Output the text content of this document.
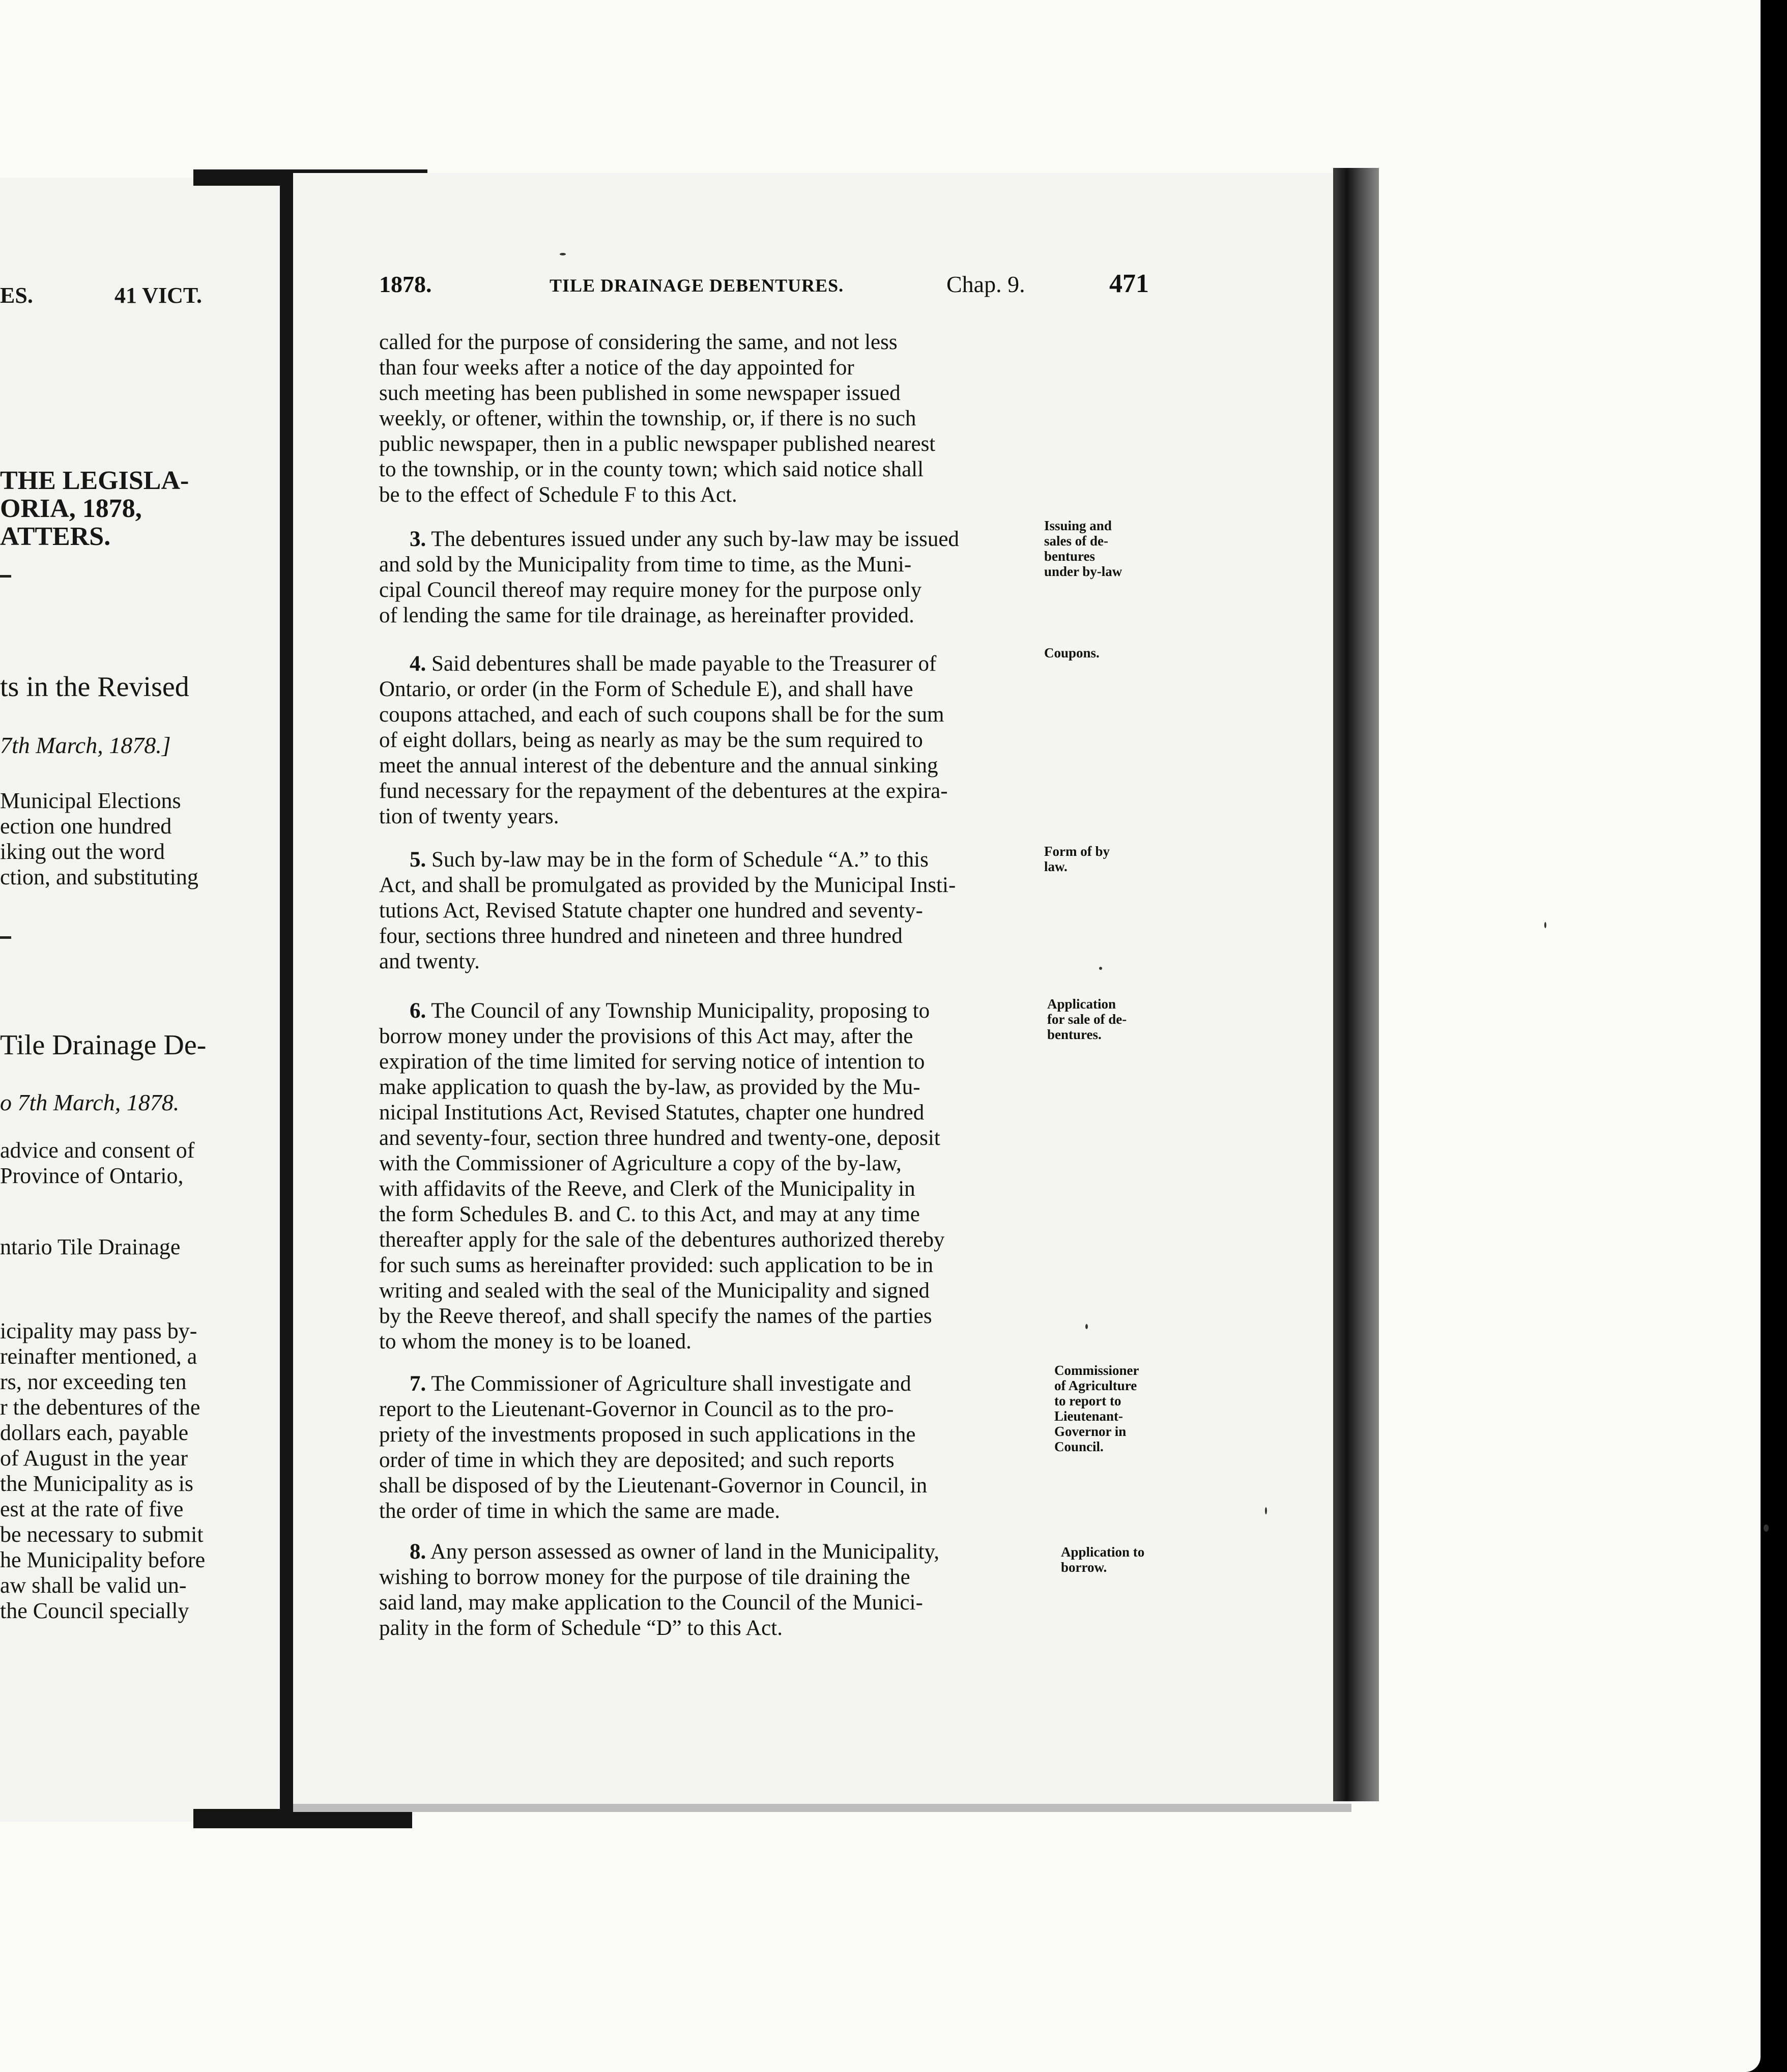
ES.	41 VICT.
THE LEGISLA-
ORIA, 1878,
ATTERS.
ts in the Revised
7th March, 1878.]
Municipal Elections
ection one hundred
iking out the word
ction, and substituting
Tile Drainage De-
o 7th March, 1878.
advice and consent of
Province of Ontario,
ntario Tile Drainage
icipality may pass by-
reinafter mentioned, a
rs, nor exceeding ten
r the debentures of the
dollars each, payable
of August in the year
the Municipality as is
est at the rate of five
be necessary to submit
he Municipality before
aw shall be valid un-
the Council specially
1878.	TILE DRAINAGE DEBENTURES.	Chap. 9.	471
called for the purpose of considering the same, and not less
than four weeks after a notice of the day appointed for
such meeting has been published in some newspaper issued
weekly, or oftener, within the township, or, if there is no such
public newspaper, then in a public newspaper published nearest
to the township, or in the county town; which said notice shall
be to the effect of Schedule F to this Act.
3. The debentures issued under any such by-law may be issued
and sold by the Municipality from time to time, as the Muni-
cipal Council thereof may require money for the purpose only
of lending the same for tile drainage, as hereinafter provided.
Issuing and
sales of de-
bentures
under by-law
4. Said debentures shall be made payable to the Treasurer of
Ontario, or order (in the Form of Schedule E), and shall have
coupons attached, and each of such coupons shall be for the sum
of eight dollars, being as nearly as may be the sum required to
meet the annual interest of the debenture and the annual sinking
fund necessary for the repayment of the debentures at the expira-
tion of twenty years.
Coupons.
5. Such by-law may be in the form of Schedule “A.” to this
Act, and shall be promulgated as provided by the Municipal Insti-
tutions Act, Revised Statute chapter one hundred and seventy-
four, sections three hundred and nineteen and three hundred
and twenty.
Form of by
law.
6. The Council of any Township Municipality, proposing to
borrow money under the provisions of this Act may, after the
expiration of the time limited for serving notice of intention to
make application to quash the by-law, as provided by the Mu-
nicipal Institutions Act, Revised Statutes, chapter one hundred
and seventy-four, section three hundred and twenty-one, deposit
with the Commissioner of Agriculture a copy of the by-law,
with affidavits of the Reeve, and Clerk of the Municipality in
the form Schedules B. and C. to this Act, and may at any time
thereafter apply for the sale of the debentures authorized thereby
for such sums as hereinafter provided: such application to be in
writing and sealed with the seal of the Municipality and signed
by the Reeve thereof, and shall specify the names of the parties
to whom the money is to be loaned.
Application
for sale of de-
bentures.
7. The Commissioner of Agriculture shall investigate and
report to the Lieutenant-Governor in Council as to the pro-
priety of the investments proposed in such applications in the
order of time in which they are deposited; and such reports
shall be disposed of by the Lieutenant-Governor in Council, in
the order of time in which the same are made.
Commissioner
of Agriculture
to report to
Lieutenant-
Governor in
Council.
8. Any person assessed as owner of land in the Municipality,
wishing to borrow money for the purpose of tile draining the
said land, may make application to the Council of the Munici-
pality in the form of Schedule “D” to this Act.
Application to
borrow.
